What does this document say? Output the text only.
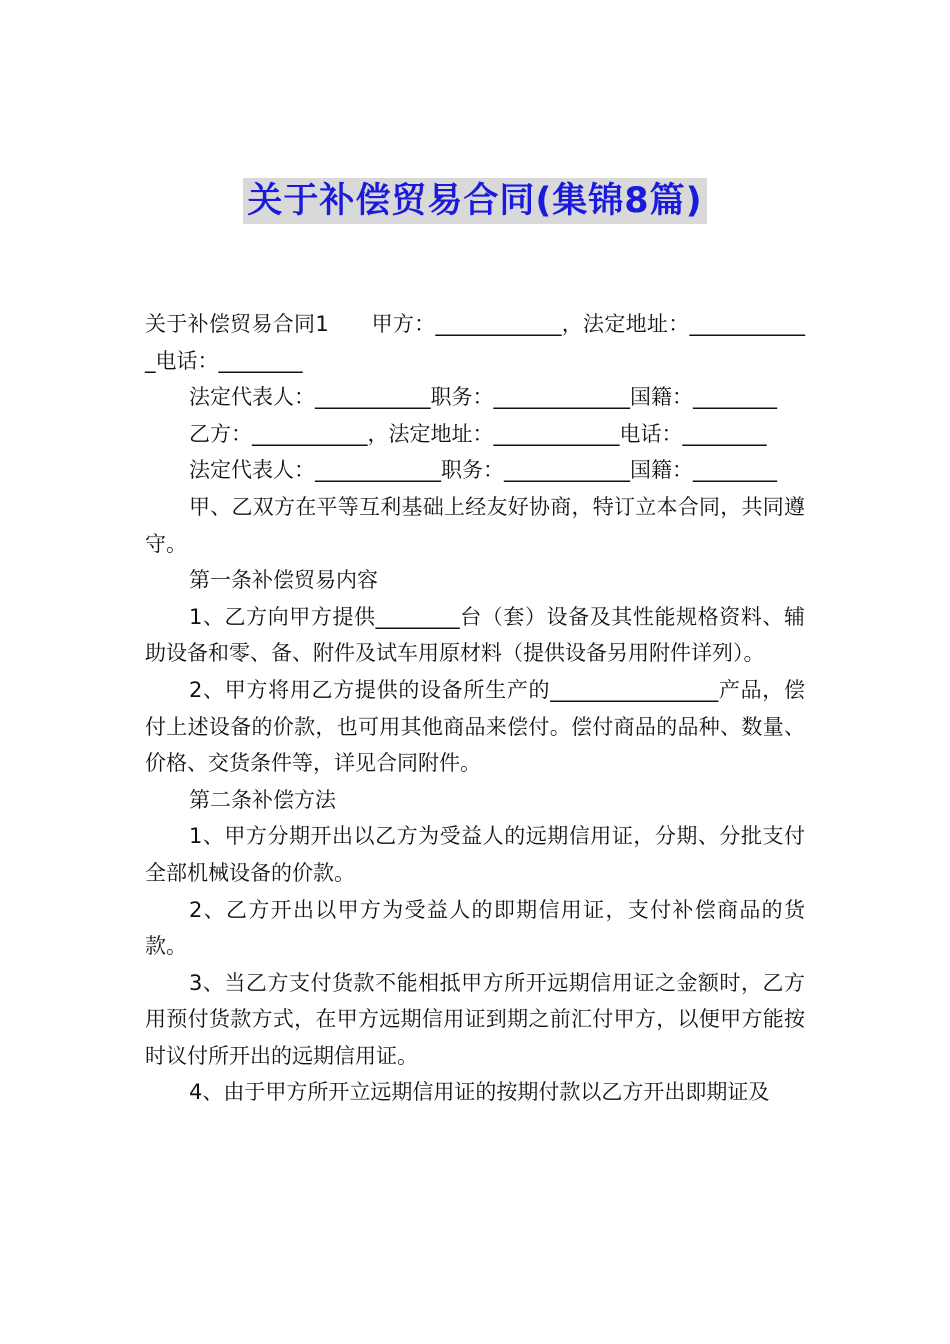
关于补偿贸易合同(集锦8篇)

关于补偿贸易合同1　　甲方：____________，法定地址：____________电话：________

法定代表人：___________职务：_____________国籍：________

乙方：___________，法定地址：____________电话：________

法定代表人：____________职务：____________国籍：________

甲、乙双方在平等互利基础上经友好协商，特订立本合同，共同遵守。

第一条补偿贸易内容

1、乙方向甲方提供________台（套）设备及其性能规格资料、辅助设备和零、备、附件及试车用原材料（提供设备另用附件详列）。

2、甲方将用乙方提供的设备所生产的________________产品，偿付上述设备的价款，也可用其他商品来偿付。偿付商品的品种、数量、价格、交货条件等，详见合同附件。

第二条补偿方法

1、甲方分期开出以乙方为受益人的远期信用证，分期、分批支付全部机械设备的价款。

2、乙方开出以甲方为受益人的即期信用证，支付补偿商品的货款。

3、当乙方支付货款不能相抵甲方所开远期信用证之金额时，乙方用预付货款方式，在甲方远期信用证到期之前汇付甲方，以便甲方能按时议付所开出的远期信用证。

4、由于甲方所开立远期信用证的按期付款以乙方开出即期证及
